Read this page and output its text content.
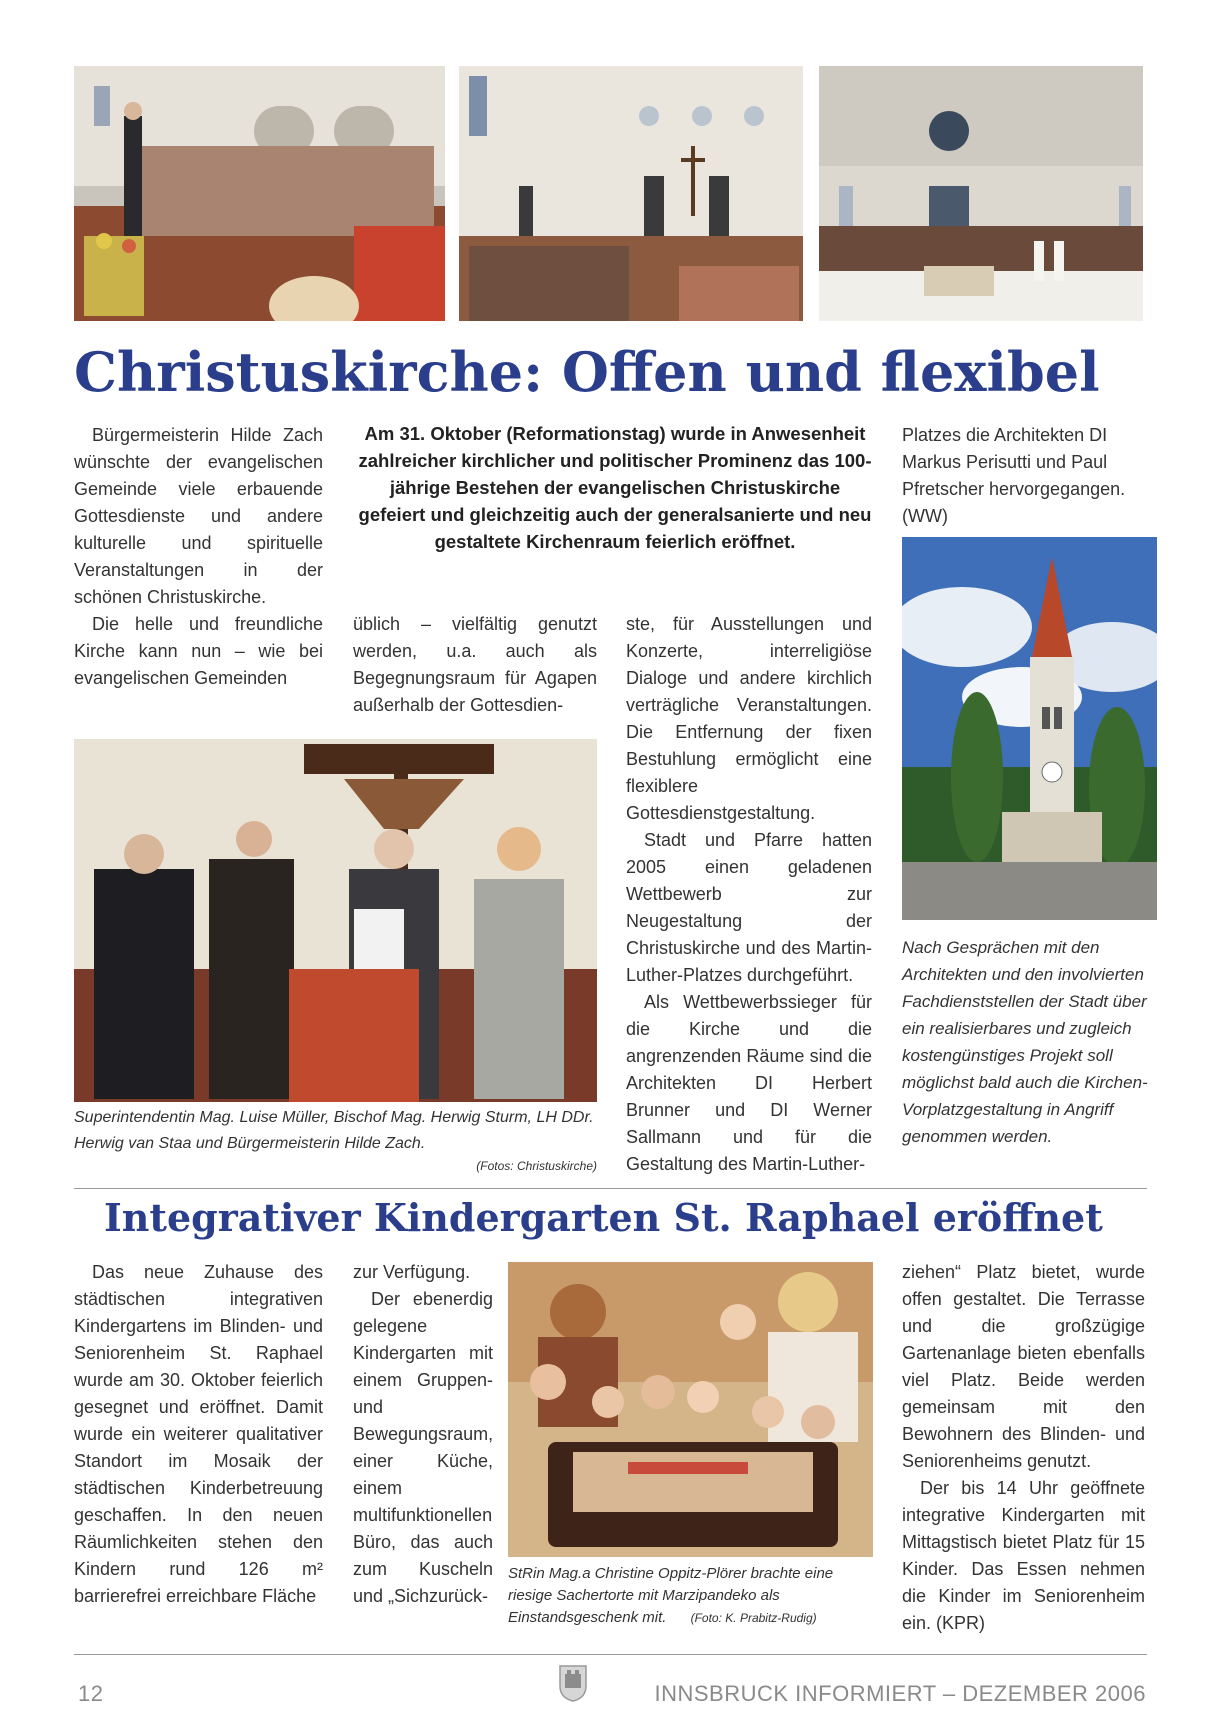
Christuskirche: Offen und flexibel

Bürgermeisterin Hilde Zach wünschte der evangelischen Gemeinde viele erbauende Gottesdienste und andere kulturelle und spirituelle Veranstaltungen in der schönen Christuskirche.

Die helle und freundliche Kirche kann nun – wie bei evangelischen Gemeinden

Am 31. Oktober (Reformationstag) wurde in Anwesenheit zahlreicher kirchlicher und politischer Prominenz das 100-jährige Bestehen der evangelischen Christuskirche gefeiert und gleichzeitig auch der generalsanierte und neu gestaltete Kirchenraum feierlich eröffnet.

üblich – vielfältig genutzt werden, u.a. auch als Begegnungsraum für Agapen außerhalb der Gottesdien-

ste, für Ausstellungen und Konzerte, interreligiöse Dialoge und andere kirchlich verträgliche Veranstaltungen. Die Entfernung der fixen Bestuhlung ermöglicht eine flexiblere Gottesdienstgestaltung.

Stadt und Pfarre hatten 2005 einen geladenen Wettbewerb zur Neugestaltung der Christuskirche und des Martin-Luther-Platzes durchgeführt.

Als Wettbewerbssieger für die Kirche und die angrenzenden Räume sind die Architekten DI Herbert Brunner und DI Werner Sallmann und für die Gestaltung des Martin-Luther-

Platzes die Architekten DI Markus Perisutti und Paul Pfretscher hervorgegangen. (WW)

Superintendentin Mag. Luise Müller, Bischof Mag. Herwig Sturm, LH DDr. Herwig van Staa und Bürgermeisterin Hilde Zach.
(Fotos: Christuskirche)
Nach Gesprächen mit den Architekten und den involvierten Fachdienststellen der Stadt über ein realisierbares und zugleich kostengünstiges Projekt soll möglichst bald auch die Kirchen-Vorplatzgestaltung in Angriff genommen werden.
Integrativer Kindergarten St. Raphael eröffnet

Das neue Zuhause des städtischen integrativen Kindergartens im Blinden- und Seniorenheim St. Raphael wurde am 30. Oktober feierlich gesegnet und eröffnet. Damit wurde ein weiterer qualitativer Standort im Mosaik der städtischen Kinderbetreuung geschaffen. In den neuen Räumlichkeiten stehen den Kindern rund 126 m² barrierefrei erreichbare Fläche

zur Verfügung.

Der ebenerdig gelegene Kindergarten mit einem Gruppen- und Bewegungsraum, einer Küche, einem multifunktionellen Büro, das auch zum Kuscheln und „Sichzurück-

StRin Mag.a Christine Oppitz-Plörer brachte eine riesige Sachertorte mit Marzipandeko als Einstandsgeschenk mit. (Foto: K. Prabitz-Rudig)

ziehen“ Platz bietet, wurde offen gestaltet. Die Terrasse und die großzügige Gartenanlage bieten ebenfalls viel Platz. Beide werden gemeinsam mit den Bewohnern des Blinden- und Seniorenheims genutzt.

Der bis 14 Uhr geöffnete integrative Kindergarten mit Mittagstisch bietet Platz für 15 Kinder. Das Essen nehmen die Kinder im Seniorenheim ein. (KPR)

12	INNSBRUCK INFORMIERT – DEZEMBER 2006
